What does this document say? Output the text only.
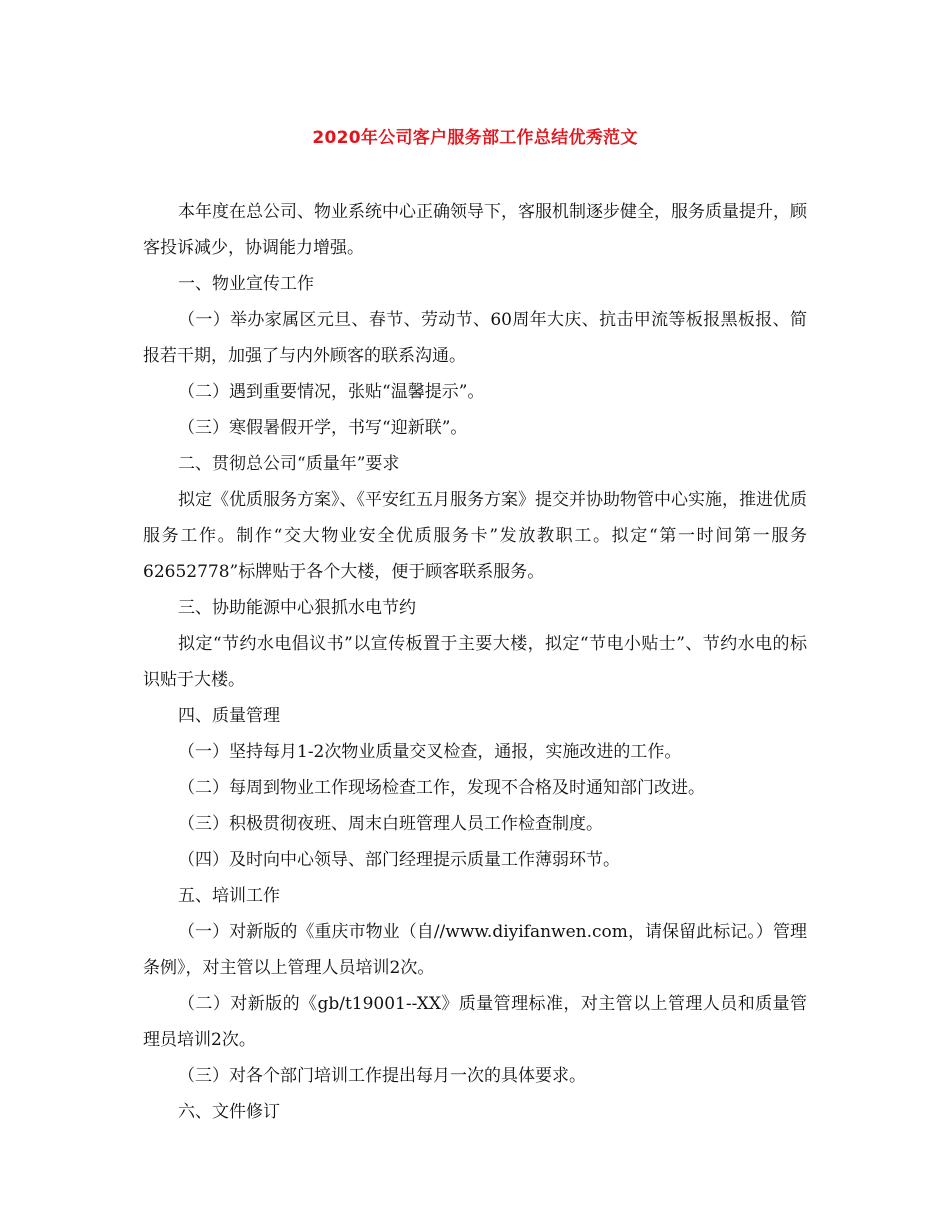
2020年公司客户服务部工作总结优秀范文

本年度在总公司、物业系统中心正确领导下，客服机制逐步健全，服务质量提升，顾客投诉减少，协调能力增强。

一、物业宣传工作

（一）举办家属区元旦、春节、劳动节、60周年大庆、抗击甲流等板报黑板报、简报若干期，加强了与内外顾客的联系沟通。

（二）遇到重要情况，张贴“温馨提示”。

（三）寒假暑假开学，书写“迎新联”。

二、贯彻总公司“质量年”要求

拟定《优质服务方案》、《平安红五月服务方案》提交并协助物管中心实施，推进优质服务工作。制作“交大物业安全优质服务卡”发放教职工。拟定“第一时间第一服务 62652778”标牌贴于各个大楼，便于顾客联系服务。

三、协助能源中心狠抓水电节约

拟定“节约水电倡议书”以宣传板置于主要大楼，拟定“节电小贴士”、节约水电的标识贴于大楼。

四、质量管理

（一）坚持每月1-2次物业质量交叉检查，通报，实施改进的工作。

（二）每周到物业工作现场检查工作，发现不合格及时通知部门改进。

（三）积极贯彻夜班、周末白班管理人员工作检查制度。

（四）及时向中心领导、部门经理提示质量工作薄弱环节。

五、培训工作

（一）对新版的《重庆市物业（自//www.diyifanwen.com，请保留此标记。）管理条例》，对主管以上管理人员培训2次。

（二）对新版的《gb/t19001--XX》质量管理标准，对主管以上管理人员和质量管理员培训2次。

（三）对各个部门培训工作提出每月一次的具体要求。

六、文件修订
